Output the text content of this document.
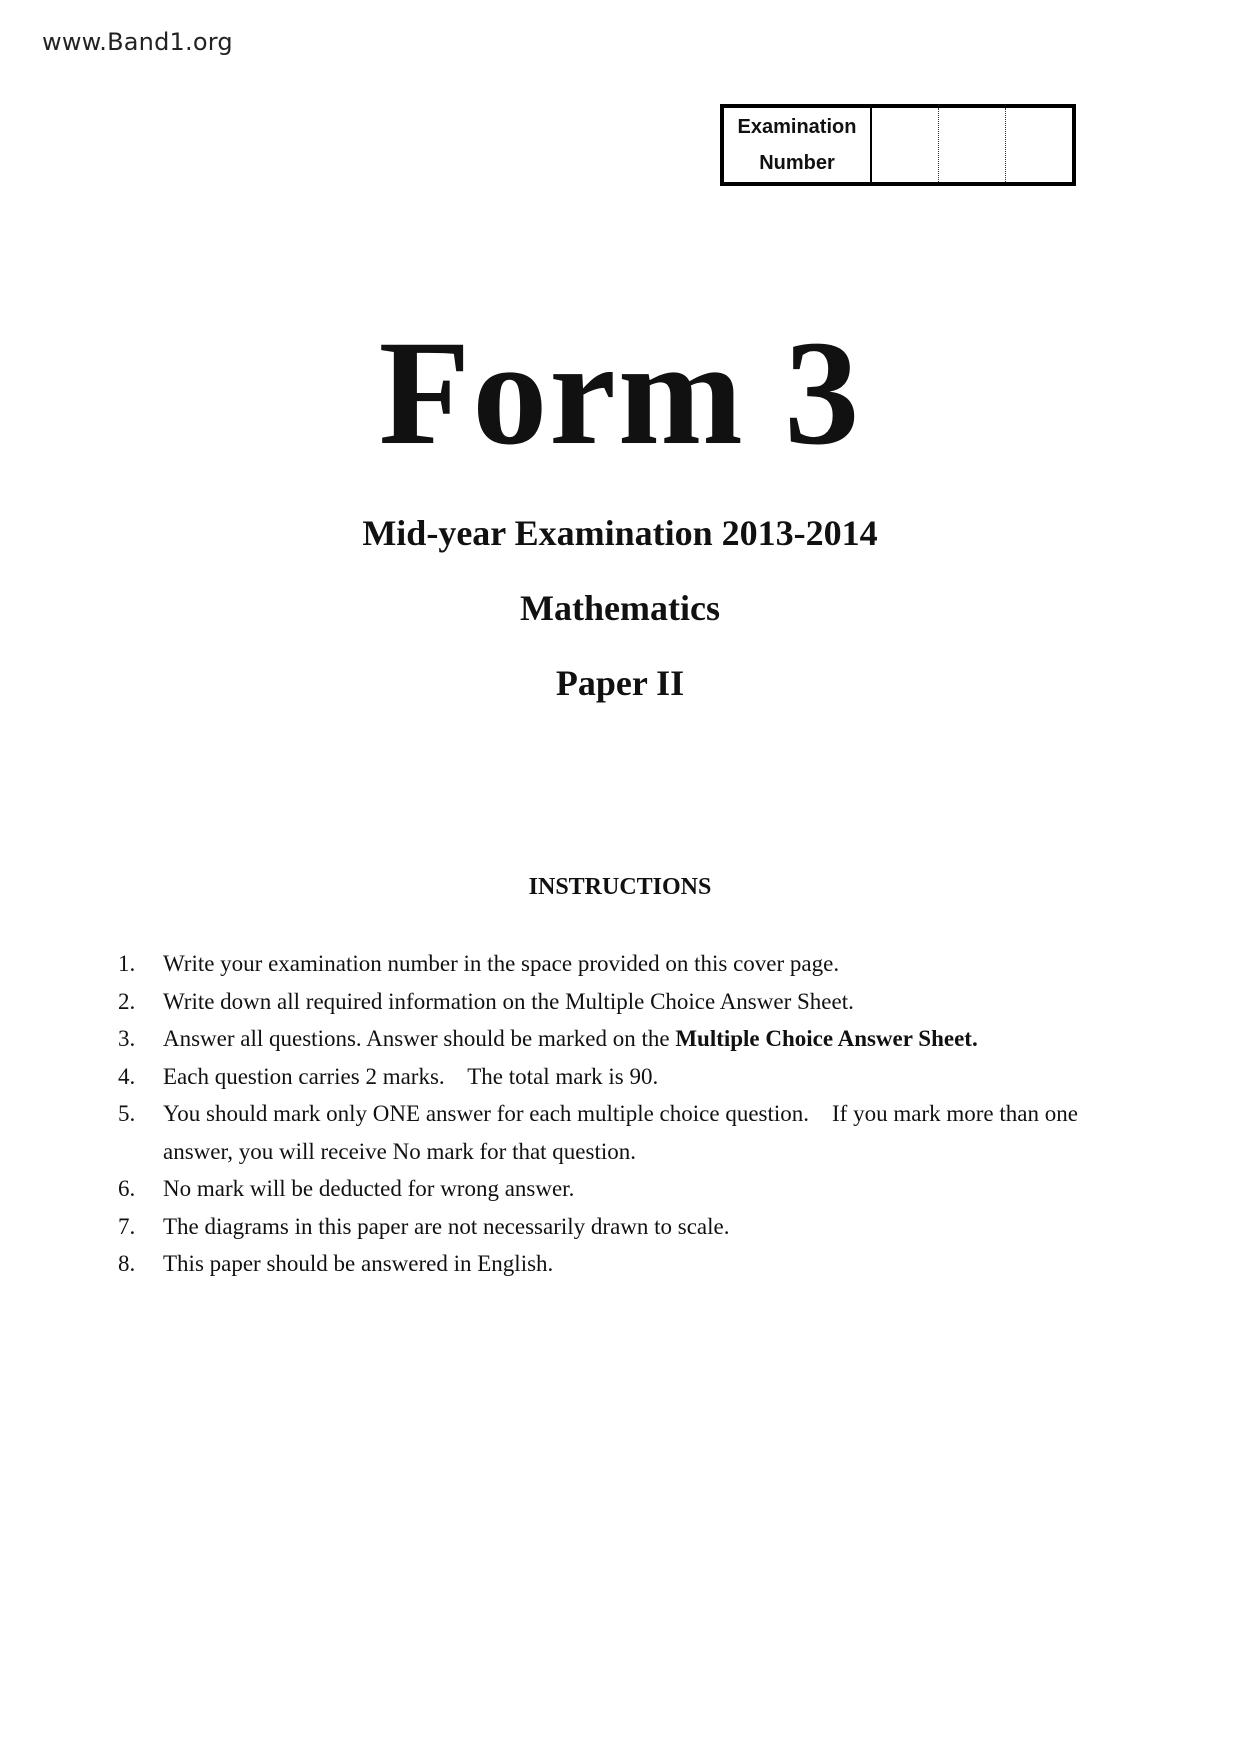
www.Band1.org
Examination
Number
Form 3
Mid-year Examination 2013-2014
Mathematics
Paper II
INSTRUCTIONS
1.	Write your examination number in the space provided on this cover page.
2.	Write down all required information on the Multiple Choice Answer Sheet.
3.	Answer all questions. Answer should be marked on the Multiple Choice Answer Sheet.
4.	Each question carries 2 marks.    The total mark is 90.
5.	You should mark only ONE answer for each multiple choice question.    If you mark more than one answer, you will receive No mark for that question.
6.	No mark will be deducted for wrong answer.
7.	The diagrams in this paper are not necessarily drawn to scale.
8.	This paper should be answered in English.
